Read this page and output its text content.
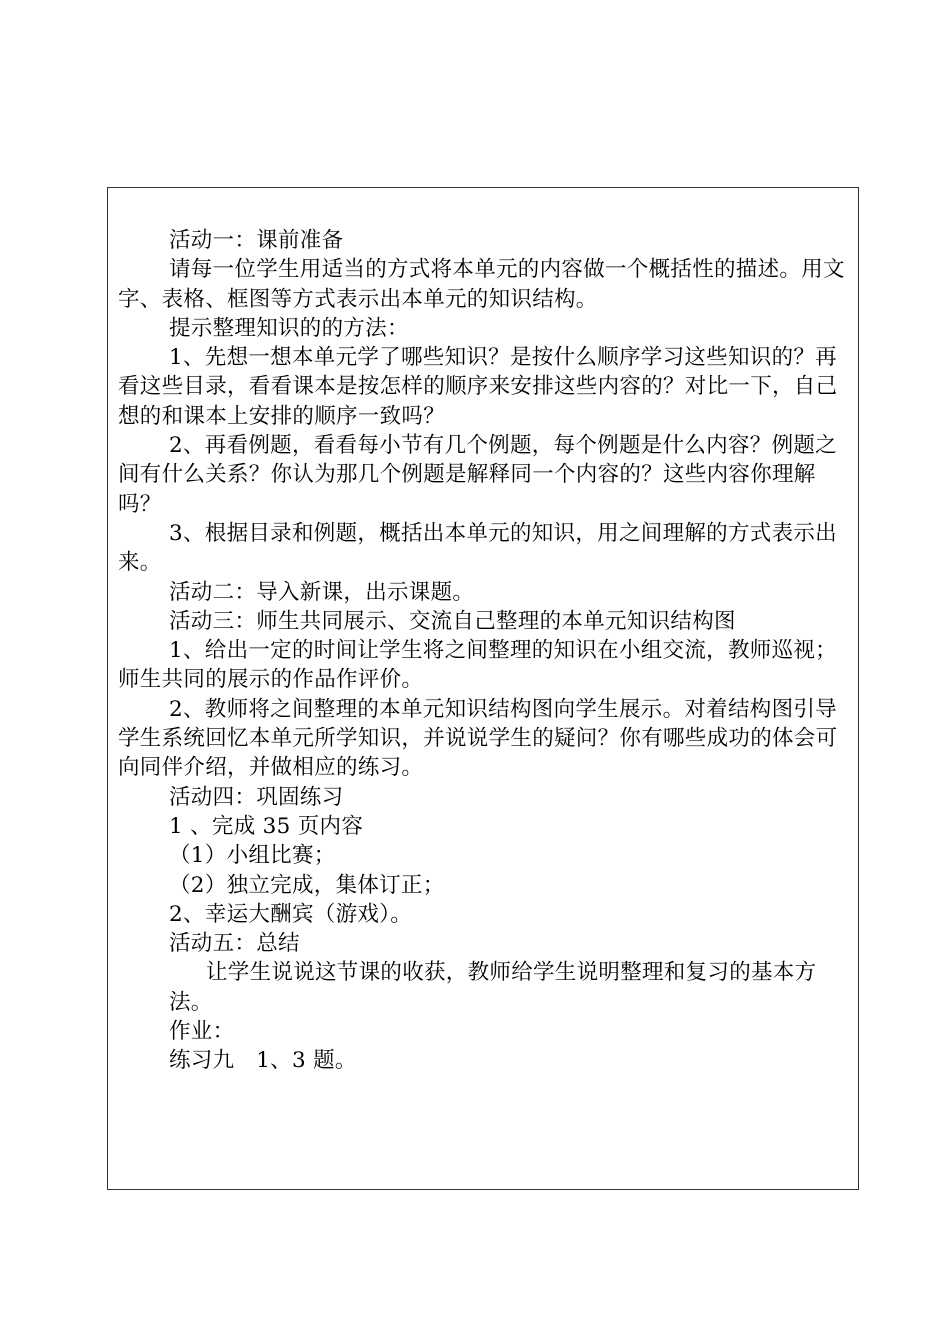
活动一：课前准备

请每一位学生用适当的方式将本单元的内容做一个概括性的描述。用文字、表格、框图等方式表示出本单元的知识结构。

提示整理知识的的方法：

1、先想一想本单元学了哪些知识？是按什么顺序学习这些知识的？再看这些目录，看看课本是按怎样的顺序来安排这些内容的？对比一下，自己想的和课本上安排的顺序一致吗？

2、再看例题，看看每小节有几个例题，每个例题是什么内容？例题之间有什么关系？你认为那几个例题是解释同一个内容的？这些内容你理解吗？

3、根据目录和例题，概括出本单元的知识，用之间理解的方式表示出来。

活动二：导入新课，出示课题。

活动三：师生共同展示、交流自己整理的本单元知识结构图

1、给出一定的时间让学生将之间整理的知识在小组交流，教师巡视；师生共同的展示的作品作评价。

2、教师将之间整理的本单元知识结构图向学生展示。对着结构图引导学生系统回忆本单元所学知识，并说说学生的疑问？你有哪些成功的体会可向同伴介绍，并做相应的练习。

活动四：巩固练习

1 、完成 35 页内容

（1）小组比赛；

（2）独立完成，集体订正；

2、幸运大酬宾（游戏）。

活动五：总结

让学生说说这节课的收获，教师给学生说明整理和复习的基本方法。

作业：

练习九　1、3 题。
